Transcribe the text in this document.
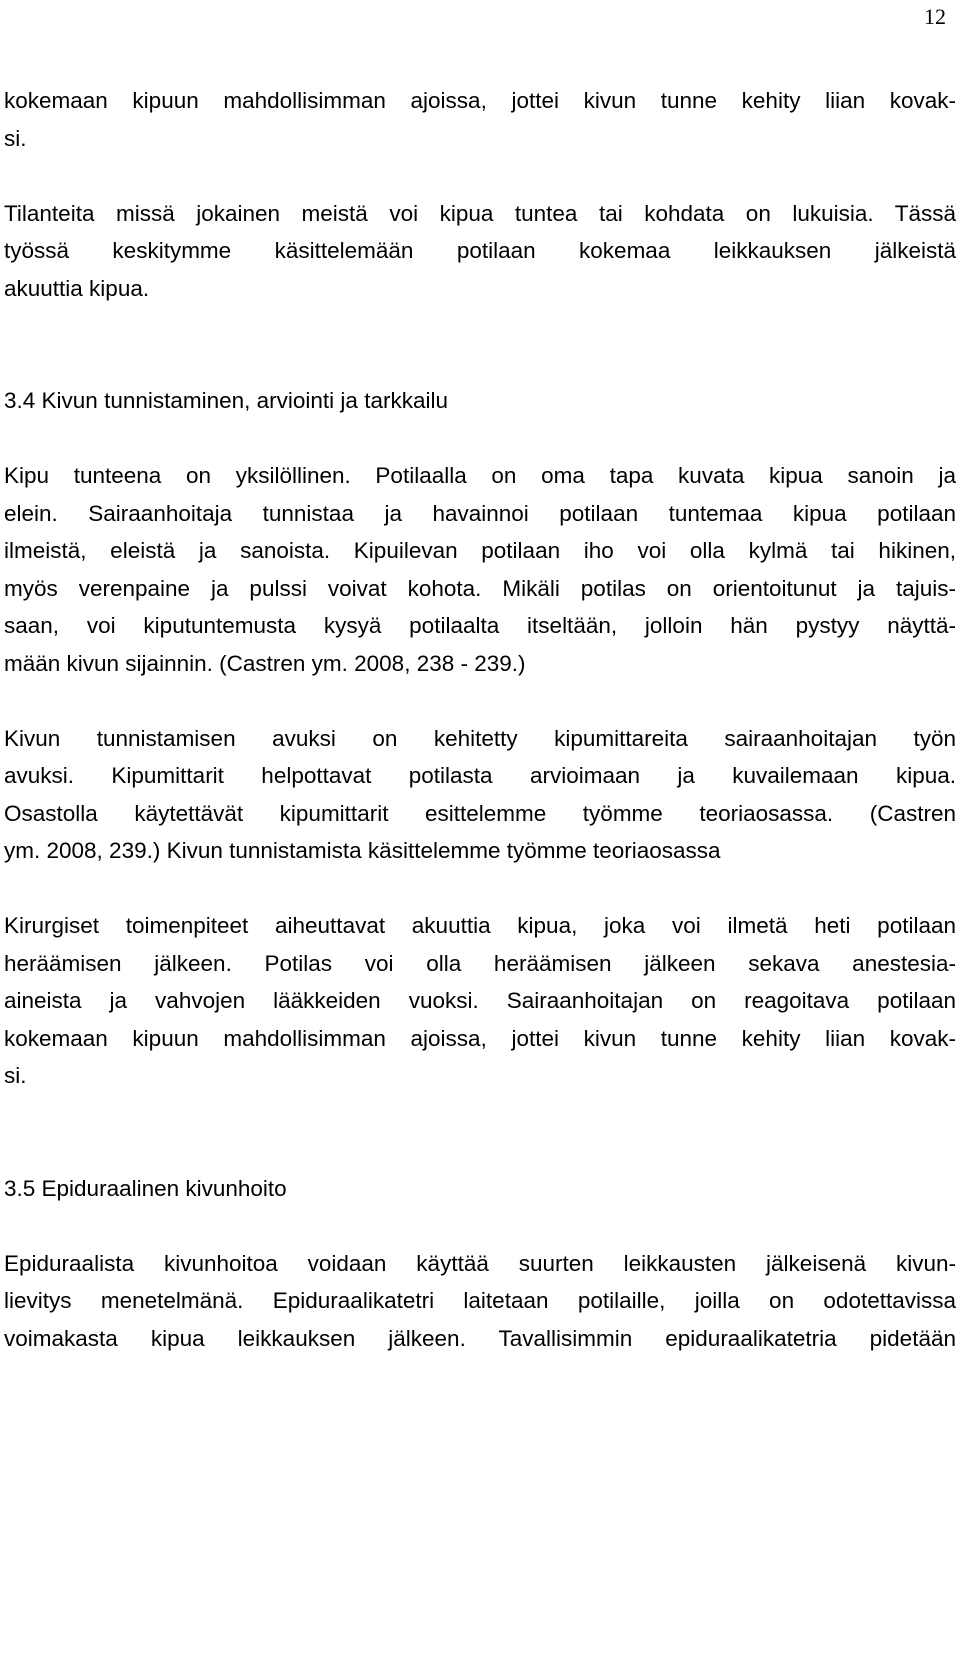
12
kokemaan kipuun mahdollisimman ajoissa, jottei kivun tunne kehity liian kovak-
si.
Tilanteita missä jokainen meistä voi kipua tuntea tai kohdata on lukuisia. Tässä
työssä keskitymme käsittelemään potilaan kokemaa leikkauksen jälkeistä
akuuttia kipua.
3.4 Kivun tunnistaminen, arviointi ja tarkkailu
Kipu tunteena on yksilöllinen. Potilaalla on oma tapa kuvata kipua sanoin ja
elein. Sairaanhoitaja tunnistaa ja havainnoi potilaan tuntemaa kipua potilaan
ilmeistä, eleistä ja sanoista. Kipuilevan potilaan iho voi olla kylmä tai hikinen,
myös verenpaine ja pulssi voivat kohota. Mikäli potilas on orientoitunut ja tajuis-
saan, voi kiputuntemusta kysyä potilaalta itseltään, jolloin hän pystyy näyttä-
mään kivun sijainnin. (Castren ym. 2008, 238 - 239.)
Kivun tunnistamisen avuksi on kehitetty kipumittareita sairaanhoitajan työn
avuksi. Kipumittarit helpottavat potilasta arvioimaan ja kuvailemaan kipua.
Osastolla käytettävät kipumittarit esittelemme työmme teoriaosassa. (Castren
ym. 2008, 239.) Kivun tunnistamista käsittelemme työmme teoriaosassa
Kirurgiset toimenpiteet aiheuttavat akuuttia kipua, joka voi ilmetä heti potilaan
heräämisen jälkeen. Potilas voi olla heräämisen jälkeen sekava anestesia-
aineista ja vahvojen lääkkeiden vuoksi. Sairaanhoitajan on reagoitava potilaan
kokemaan kipuun mahdollisimman ajoissa, jottei kivun tunne kehity liian kovak-
si.
3.5 Epiduraalinen kivunhoito
Epiduraalista kivunhoitoa voidaan käyttää suurten leikkausten jälkeisenä kivun-
lievitys menetelmänä. Epiduraalikatetri laitetaan potilaille, joilla on odotettavissa
voimakasta kipua leikkauksen jälkeen. Tavallisimmin epiduraalikatetria pidetään
